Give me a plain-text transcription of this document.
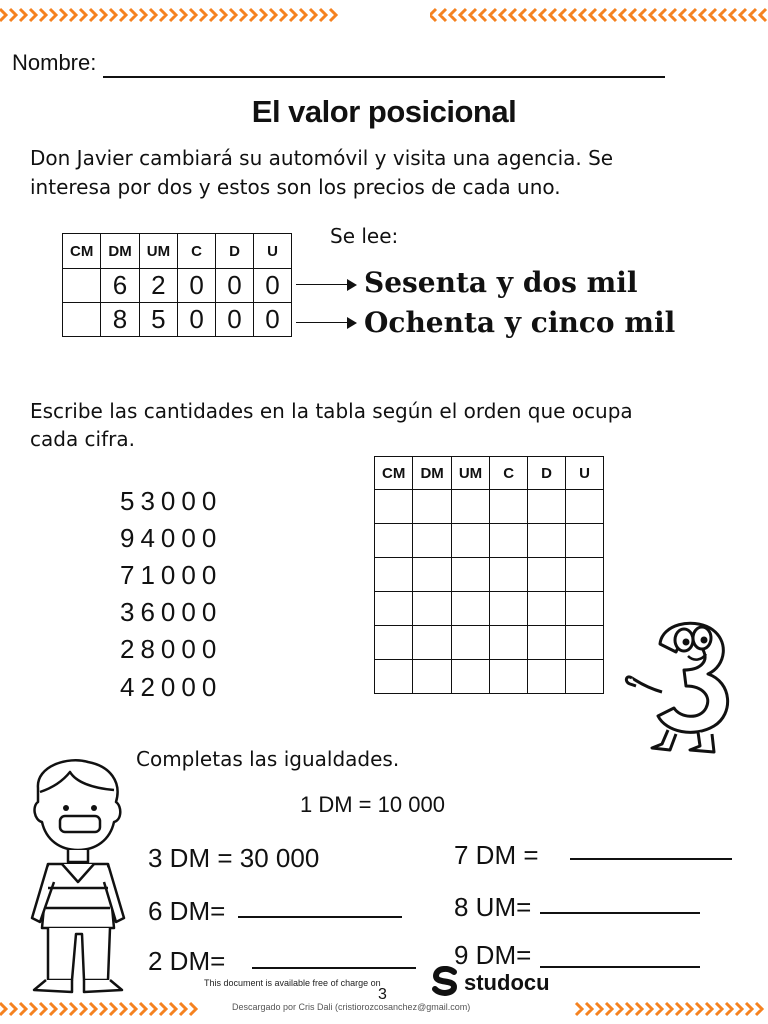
Nombre:
El valor posicional
Don Javier cambiará su automóvil y visita una agencia. Se
interesa por dos y estos son los precios de cada uno.
CM	DM	UM	C	D	U
	6	2	0	0	0
	8	5	0	0	0
Se lee:
Sesenta y dos mil
Ochenta y cinco mil
Escribe las cantidades en la tabla según el orden que ocupa
cada cifra.
53000
94000
71000
36000
28000
42000
CM	DM	UM	C	D	U

Completas las igualdades.
1 DM = 10 000
3 DM = 30 000
6 DM=
2 DM=
7 DM =
8 UM=
9 DM=
This document is available free of charge on
3	studocu
Descargado por Cris Dali (cristiorozcosanchez@gmail.com)
